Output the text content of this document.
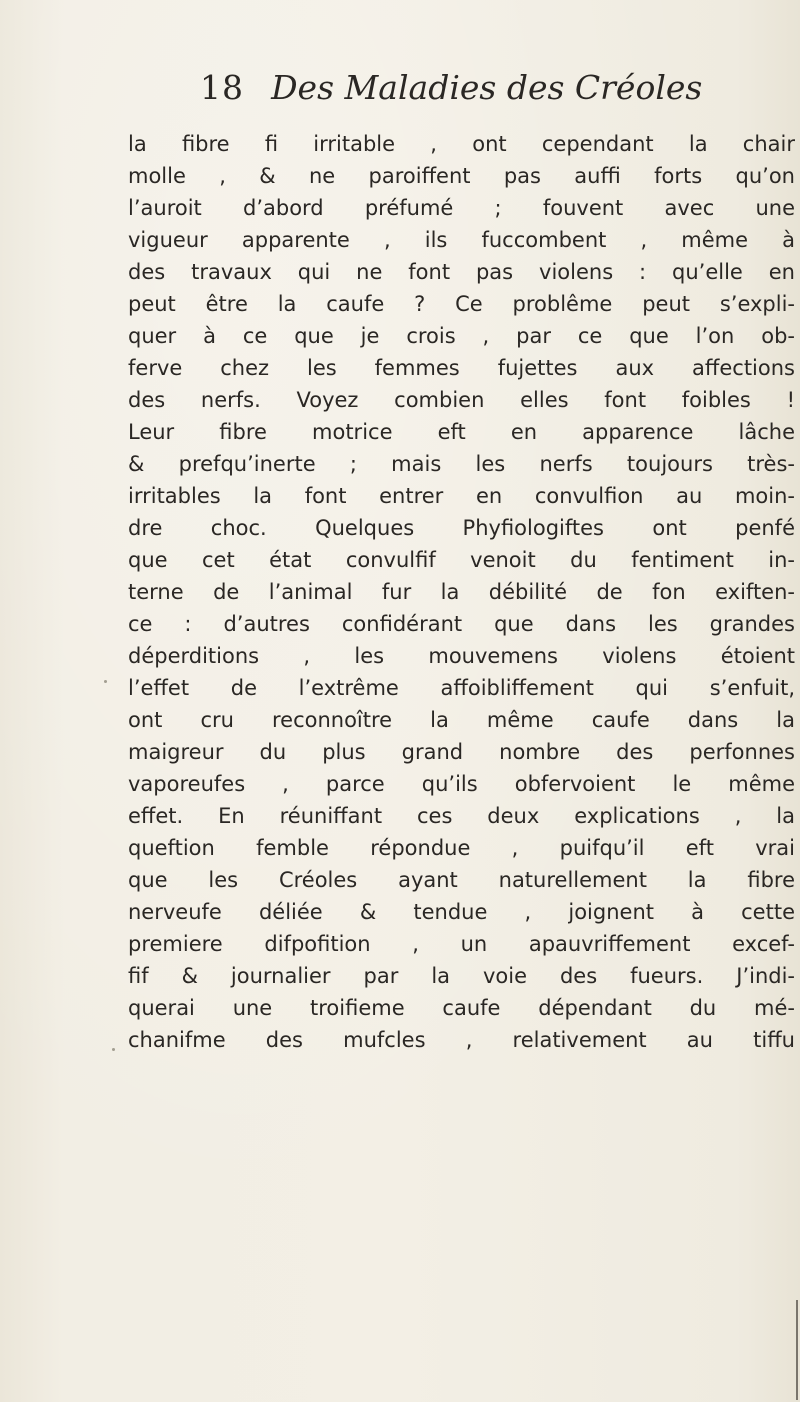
18 Des Maladies des Créoles
la fibre fi irritable , ont cependant la chair
molle , & ne paroiffent pas auffi forts qu’on
l’auroit d’abord préfumé ; fouvent avec une
vigueur apparente , ils fuccombent , même à
des travaux qui ne font pas violens : qu’elle en
peut être la caufe ? Ce problême peut s’expli-
quer à ce que je crois , par ce que l’on ob-
ferve chez les femmes fujettes aux affections
des nerfs. Voyez combien elles font foibles !
Leur fibre motrice eft en apparence lâche
& prefqu’inerte ; mais les nerfs toujours très-
irritables la font entrer en convulfion au moin-
dre choc. Quelques Phyfiologiftes ont penfé
que cet état convulfif venoit du fentiment in-
terne de l’animal fur la débilité de fon exiften-
ce : d’autres confidérant que dans les grandes
déperditions , les mouvemens violens étoient
l’effet de l’extrême affoibliffement qui s’enfuit,
ont cru reconnoître la même caufe dans la
maigreur du plus grand nombre des perfonnes
vaporeufes , parce qu’ils obfervoient le même
effet. En réuniffant ces deux explications , la
queftion femble répondue , puifqu’il eft vrai
que les Créoles ayant naturellement la fibre
nerveufe déliée & tendue , joignent à cette
premiere difpofition , un apauvriffement excef-
fif & journalier par la voie des fueurs. J’indi-
querai une troifieme caufe dépendant du mé-
chanifme des mufcles , relativement au tiffu
